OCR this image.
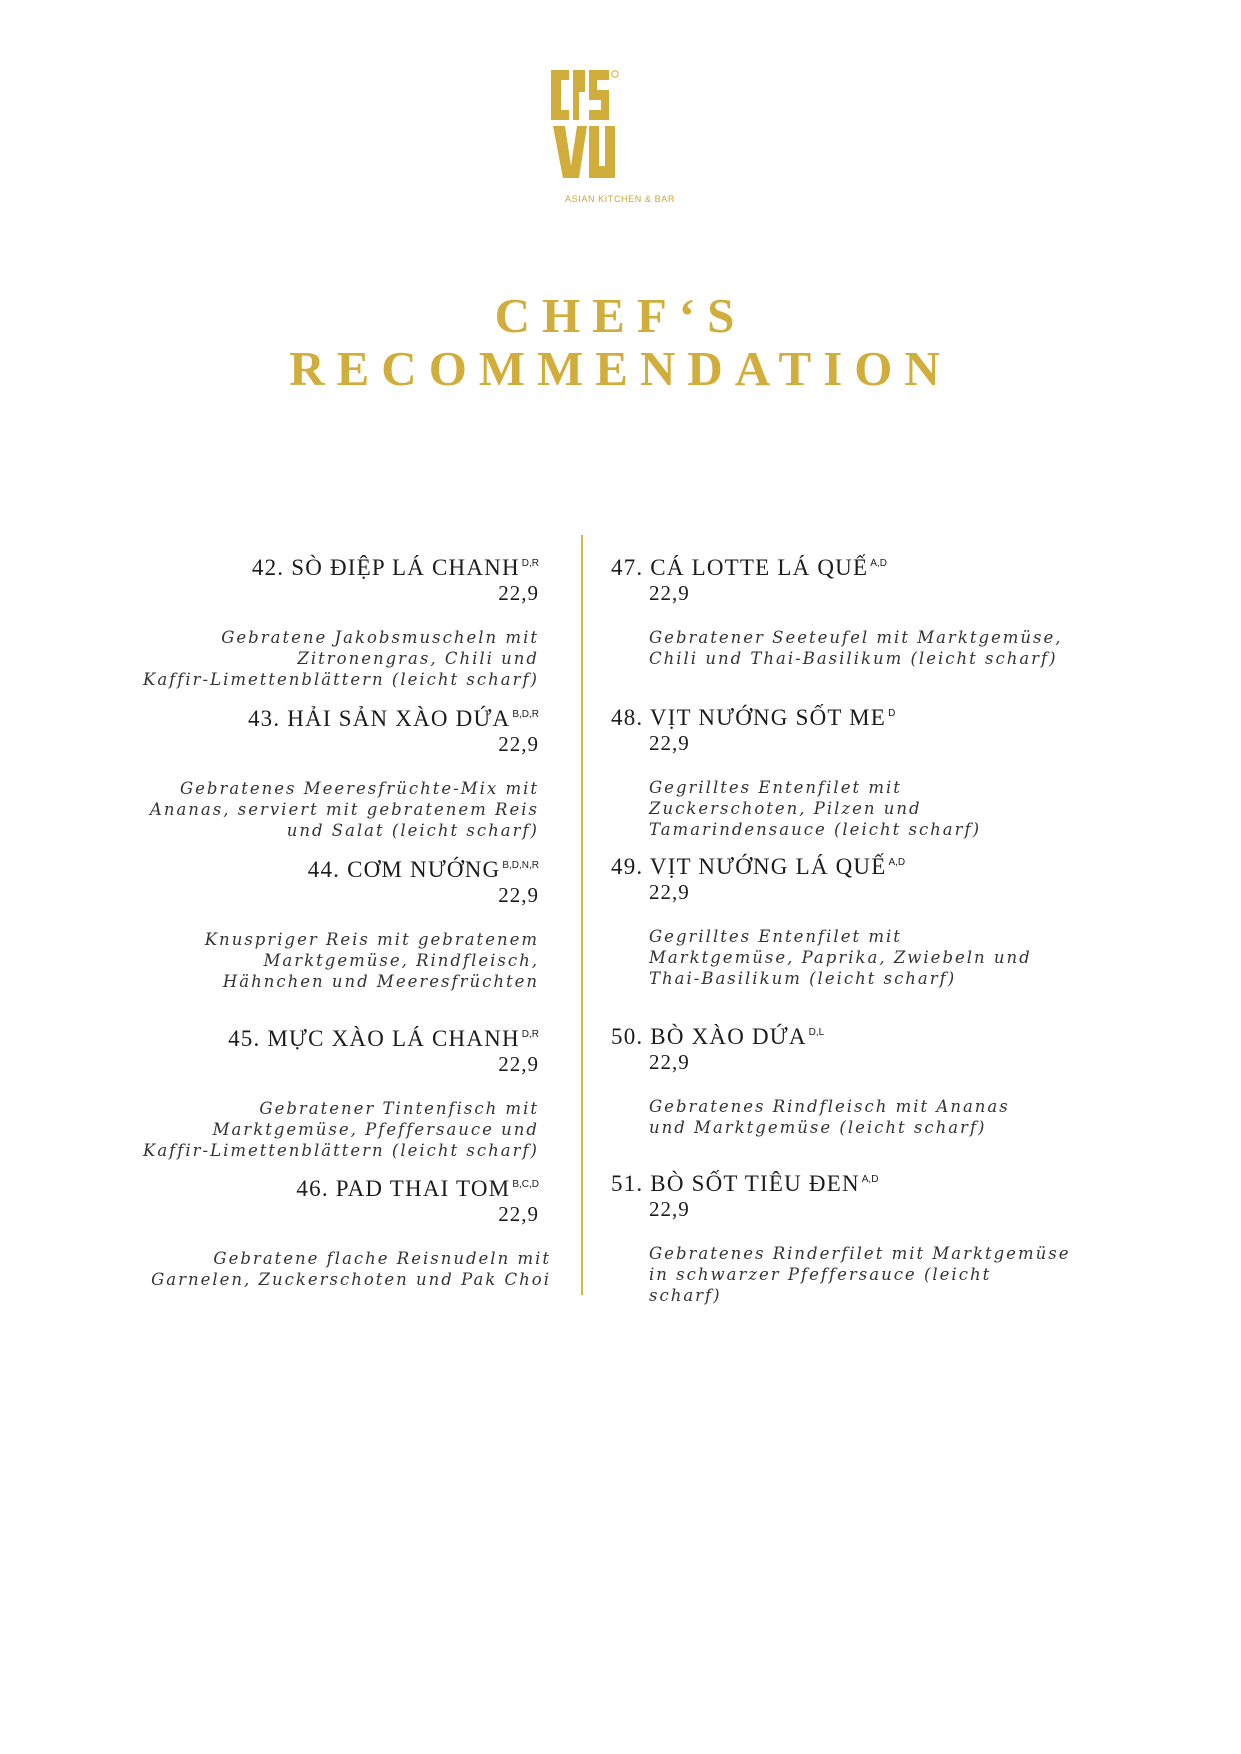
ASIAN KITCHEN & BAR
CHEF‘S
RECOMMENDATION
42. SÒ ĐIỆP LÁ CHANH $^{D,R}$
22,9
Gebratene Jakobsmuscheln mit
Zitronengras, Chili und
Kaffir-Limettenblättern (leicht scharf)
43. HẢI SẢN XÀO DỨA $^{B,D,R}$
22,9
Gebratenes Meeresfrüchte-Mix mit
Ananas, serviert mit gebratenem Reis
und Salat (leicht scharf)
44. CƠM NƯỚNG $^{B,D,N,R}$
22,9
Knuspriger Reis mit gebratenem
Marktgemüse, Rindfleisch,
Hähnchen und Meeresfrüchten
45. MỰC XÀO LÁ CHANH $^{D,R}$
22,9
Gebratener Tintenfisch mit
Marktgemüse, Pfeffersauce und
Kaffir-Limettenblättern (leicht scharf)
46. PAD THAI TOM $^{B,C,D}$
22,9
Gebratene flache Reisnudeln mit
Garnelen, Zuckerschoten und Pak Choi
47. CÁ LOTTE LÁ QUẾ $^{A,D}$
22,9
Gebratener Seeteufel mit Marktgemüse,
Chili und Thai-Basilikum (leicht scharf)
48. VỊT NƯỚNG SỐT ME $^D$
22,9
Gegrilltes Entenfilet mit
Zuckerschoten, Pilzen und
Tamarindensauce (leicht scharf)
49. VỊT NƯỚNG LÁ QUẾ $^{A,D}$
22,9
Gegrilltes Entenfilet mit
Marktgemüse, Paprika, Zwiebeln und
Thai-Basilikum (leicht scharf)
50. BÒ XÀO DỨA $^{D,L}$
22,9
Gebratenes Rindfleisch mit Ananas
und Marktgemüse (leicht scharf)
51. BÒ SỐT TIÊU ĐEN $^{A,D}$
22,9
Gebratenes Rinderfilet mit Marktgemüse
in schwarzer Pfeffersauce (leicht scharf)
